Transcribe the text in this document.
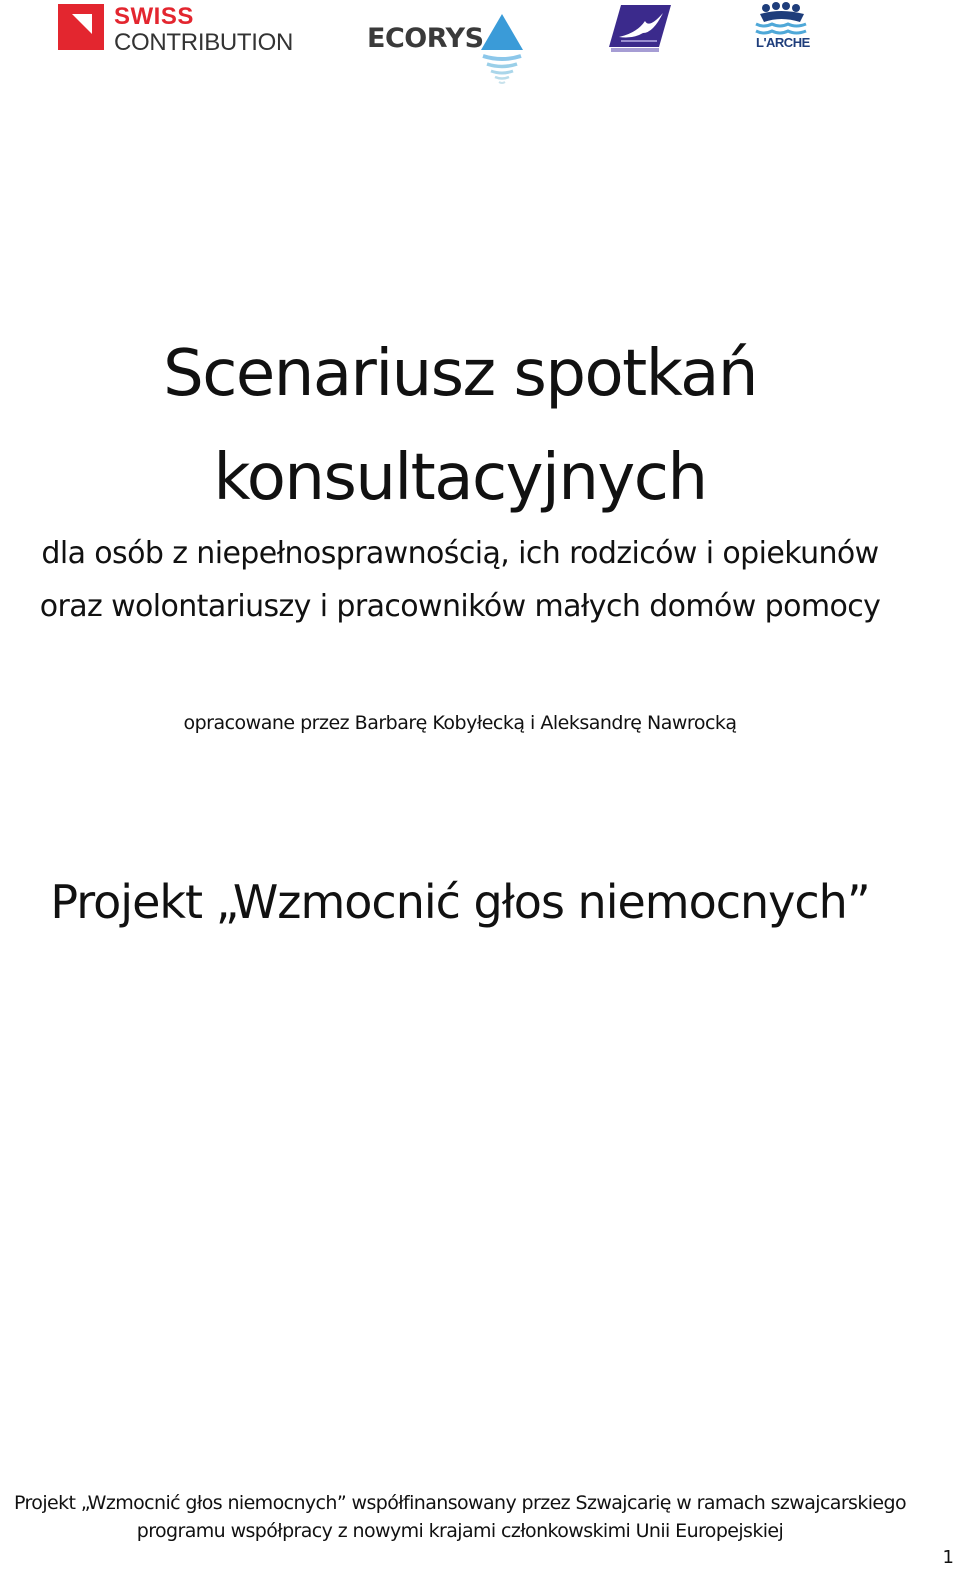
SWISS
CONTRIBUTION	ECORYS	L'ARCHE
Scenariusz spotkań
konsultacyjnych
dla osób z niepełnosprawnością, ich rodziców i opiekunów
oraz wolontariuszy i pracowników małych domów pomocy
opracowane przez Barbarę Kobyłecką i Aleksandrę Nawrocką
Projekt „Wzmocnić głos niemocnych”
Projekt „Wzmocnić głos niemocnych” współfinansowany przez Szwajcarię w ramach szwajcarskiego
programu współpracy z nowymi krajami członkowskimi Unii Europejskiej
1
